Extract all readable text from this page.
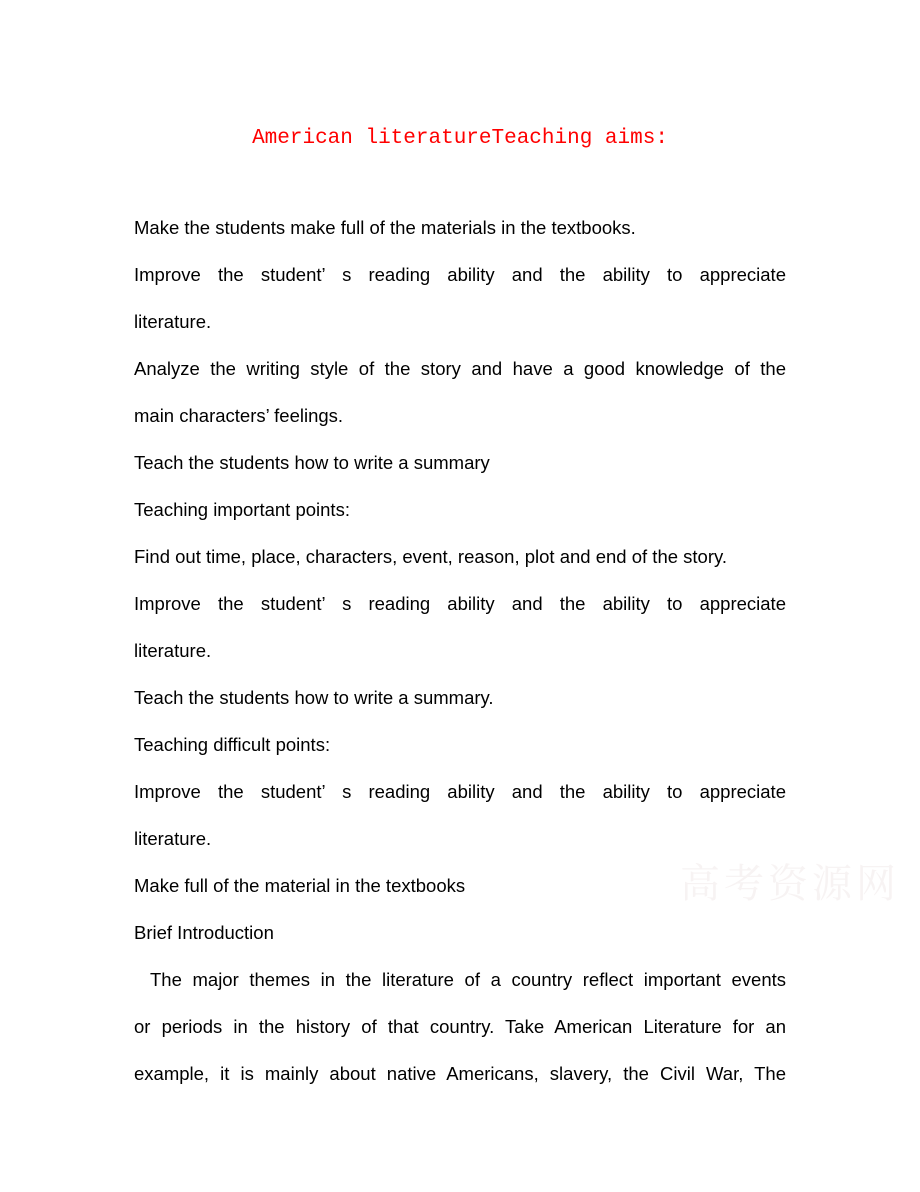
American literatureTeaching aims:
Make the students make full of the materials in the textbooks.
Improve the student’ s reading ability and the ability to appreciate
literature.
Analyze the writing style of the story and have a good knowledge of the
main characters’ feelings.
Teach the students how to write a summary
Teaching important points:
Find out time, place, characters, event, reason, plot and end of the story.
Improve the student’ s reading ability and the ability to appreciate
literature.
Teach the students how to write a summary.
Teaching difficult points:
Improve the student’ s reading ability and the ability to appreciate
literature.
Make full of the material in the textbooks
Brief Introduction
The major themes in the literature of a country reflect important events
or periods in the history of that country. Take American Literature for an
example, it is mainly about native Americans, slavery, the Civil War, The
高考资源网
